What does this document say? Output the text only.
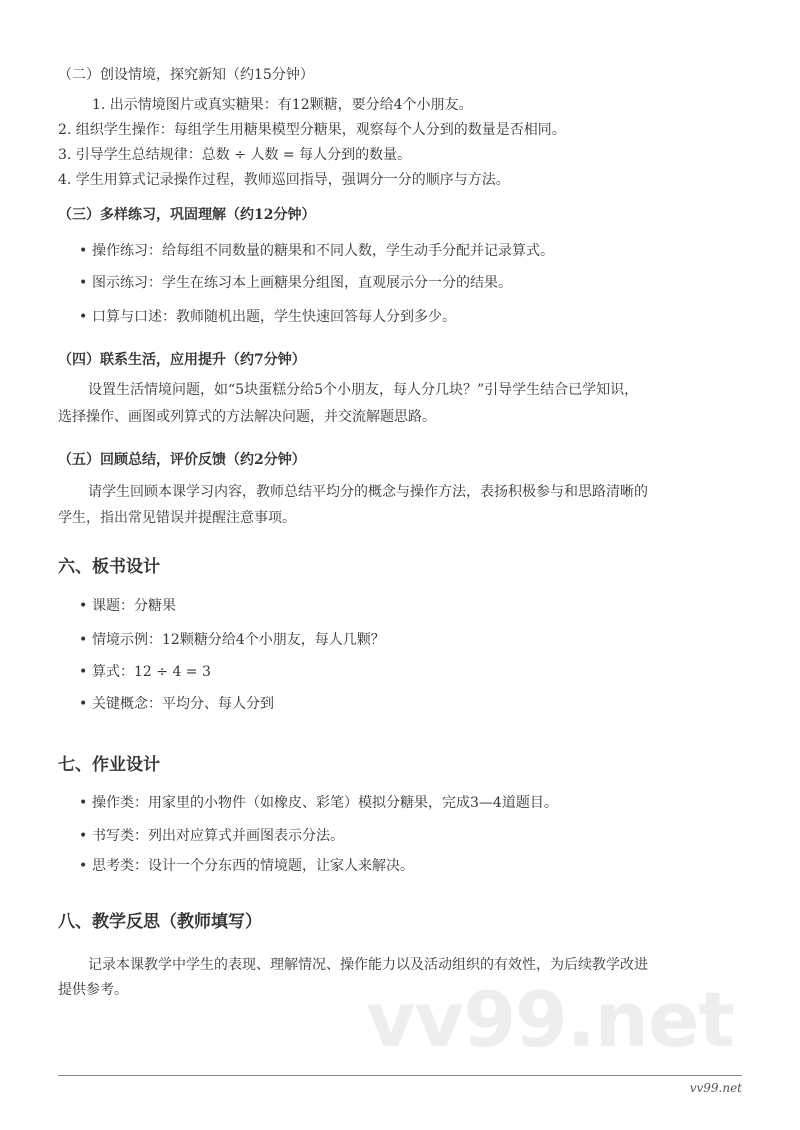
（二）创设情境，探究新知（约15分钟）
1. 出示情境图片或真实糖果：有12颗糖，要分给4个小朋友。
2. 组织学生操作：每组学生用糖果模型分糖果，观察每个人分到的数量是否相同。
3. 引导学生总结规律：总数 ÷ 人数 = 每人分到的数量。
4. 学生用算式记录操作过程，教师巡回指导，强调分一分的顺序与方法。
（三）多样练习，巩固理解（约12分钟）
• 操作练习：给每组不同数量的糖果和不同人数，学生动手分配并记录算式。
• 图示练习：学生在练习本上画糖果分组图，直观展示分一分的结果。
• 口算与口述：教师随机出题，学生快速回答每人分到多少。
（四）联系生活，应用提升（约7分钟）
设置生活情境问题，如“5块蛋糕分给5个小朋友，每人分几块？”引导学生结合已学知识，
选择操作、画图或列算式的方法解决问题，并交流解题思路。
（五）回顾总结，评价反馈（约2分钟）
请学生回顾本课学习内容，教师总结平均分的概念与操作方法，表扬积极参与和思路清晰的
学生，指出常见错误并提醒注意事项。
六、板书设计
• 课题：分糖果
• 情境示例：12颗糖分给4个小朋友，每人几颗？
• 算式：12 ÷ 4 = 3
• 关键概念：平均分、每人分到
七、作业设计
• 操作类：用家里的小物件（如橡皮、彩笔）模拟分糖果，完成3—4道题目。
• 书写类：列出对应算式并画图表示分法。
• 思考类：设计一个分东西的情境题，让家人来解决。
八、教学反思（教师填写）
记录本课教学中学生的表现、理解情况、操作能力以及活动组织的有效性，为后续教学改进
提供参考。	vv99.net
vv99.net
